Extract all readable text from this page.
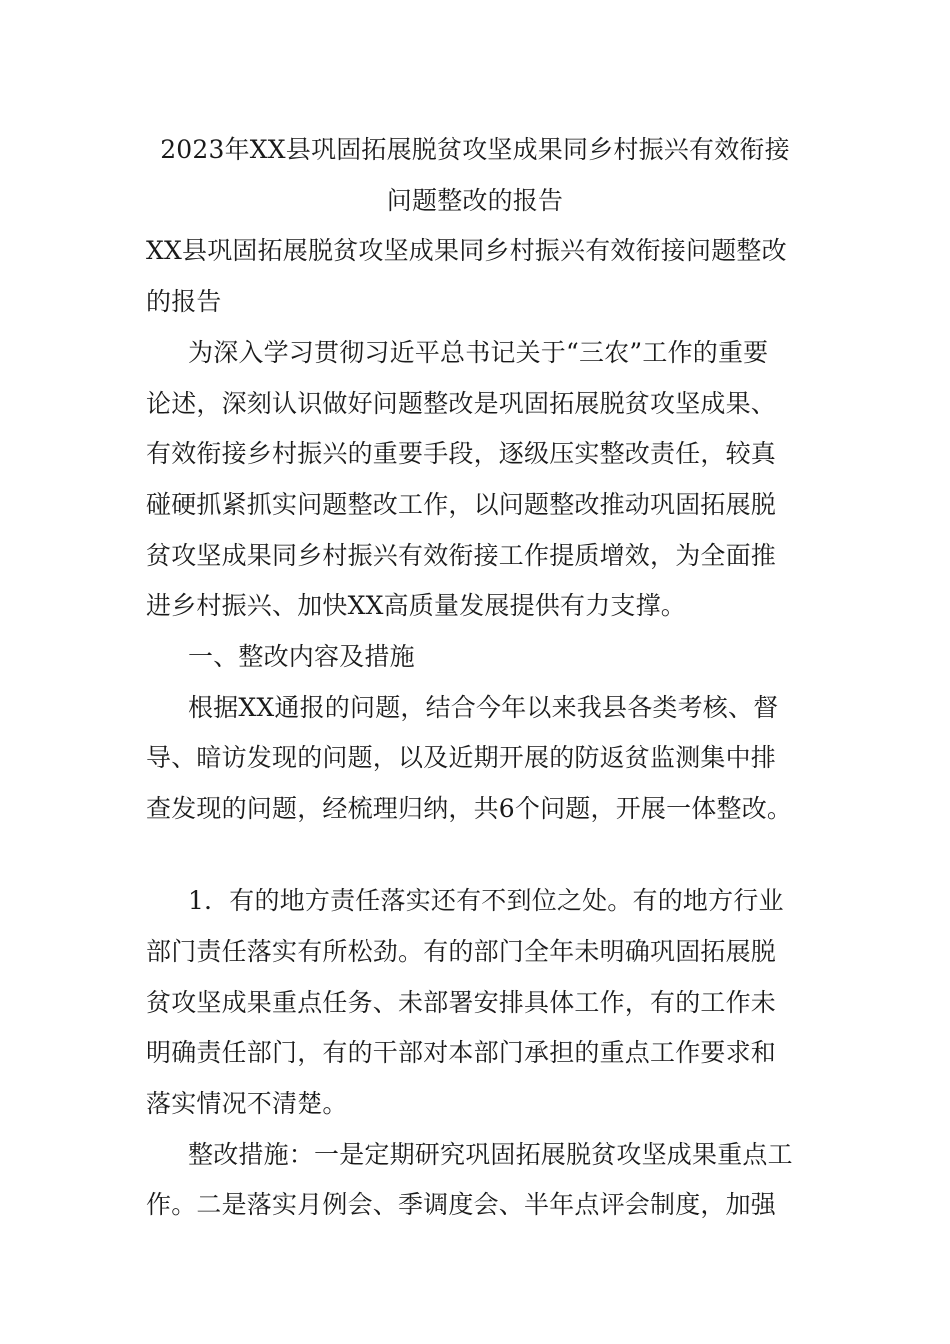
2023年XX县巩固拓展脱贫攻坚成果同乡村振兴有效衔接
问题整改的报告
XX县巩固拓展脱贫攻坚成果同乡村振兴有效衔接问题整改
的报告
为深入学习贯彻习近平总书记关于“三农”工作的重要
论述，深刻认识做好问题整改是巩固拓展脱贫攻坚成果、
有效衔接乡村振兴的重要手段，逐级压实整改责任，较真
碰硬抓紧抓实问题整改工作，以问题整改推动巩固拓展脱
贫攻坚成果同乡村振兴有效衔接工作提质增效，为全面推
进乡村振兴、加快XX高质量发展提供有力支撑。
一、整改内容及措施
根据XX通报的问题，结合今年以来我县各类考核、督
导、暗访发现的问题，以及近期开展的防返贫监测集中排
查发现的问题，经梳理归纳，共6个问题，开展一体整改。
1．有的地方责任落实还有不到位之处。有的地方行业
部门责任落实有所松劲。有的部门全年未明确巩固拓展脱
贫攻坚成果重点任务、未部署安排具体工作，有的工作未
明确责任部门，有的干部对本部门承担的重点工作要求和
落实情况不清楚。
整改措施：一是定期研究巩固拓展脱贫攻坚成果重点工
作。二是落实月例会、季调度会、半年点评会制度，加强
